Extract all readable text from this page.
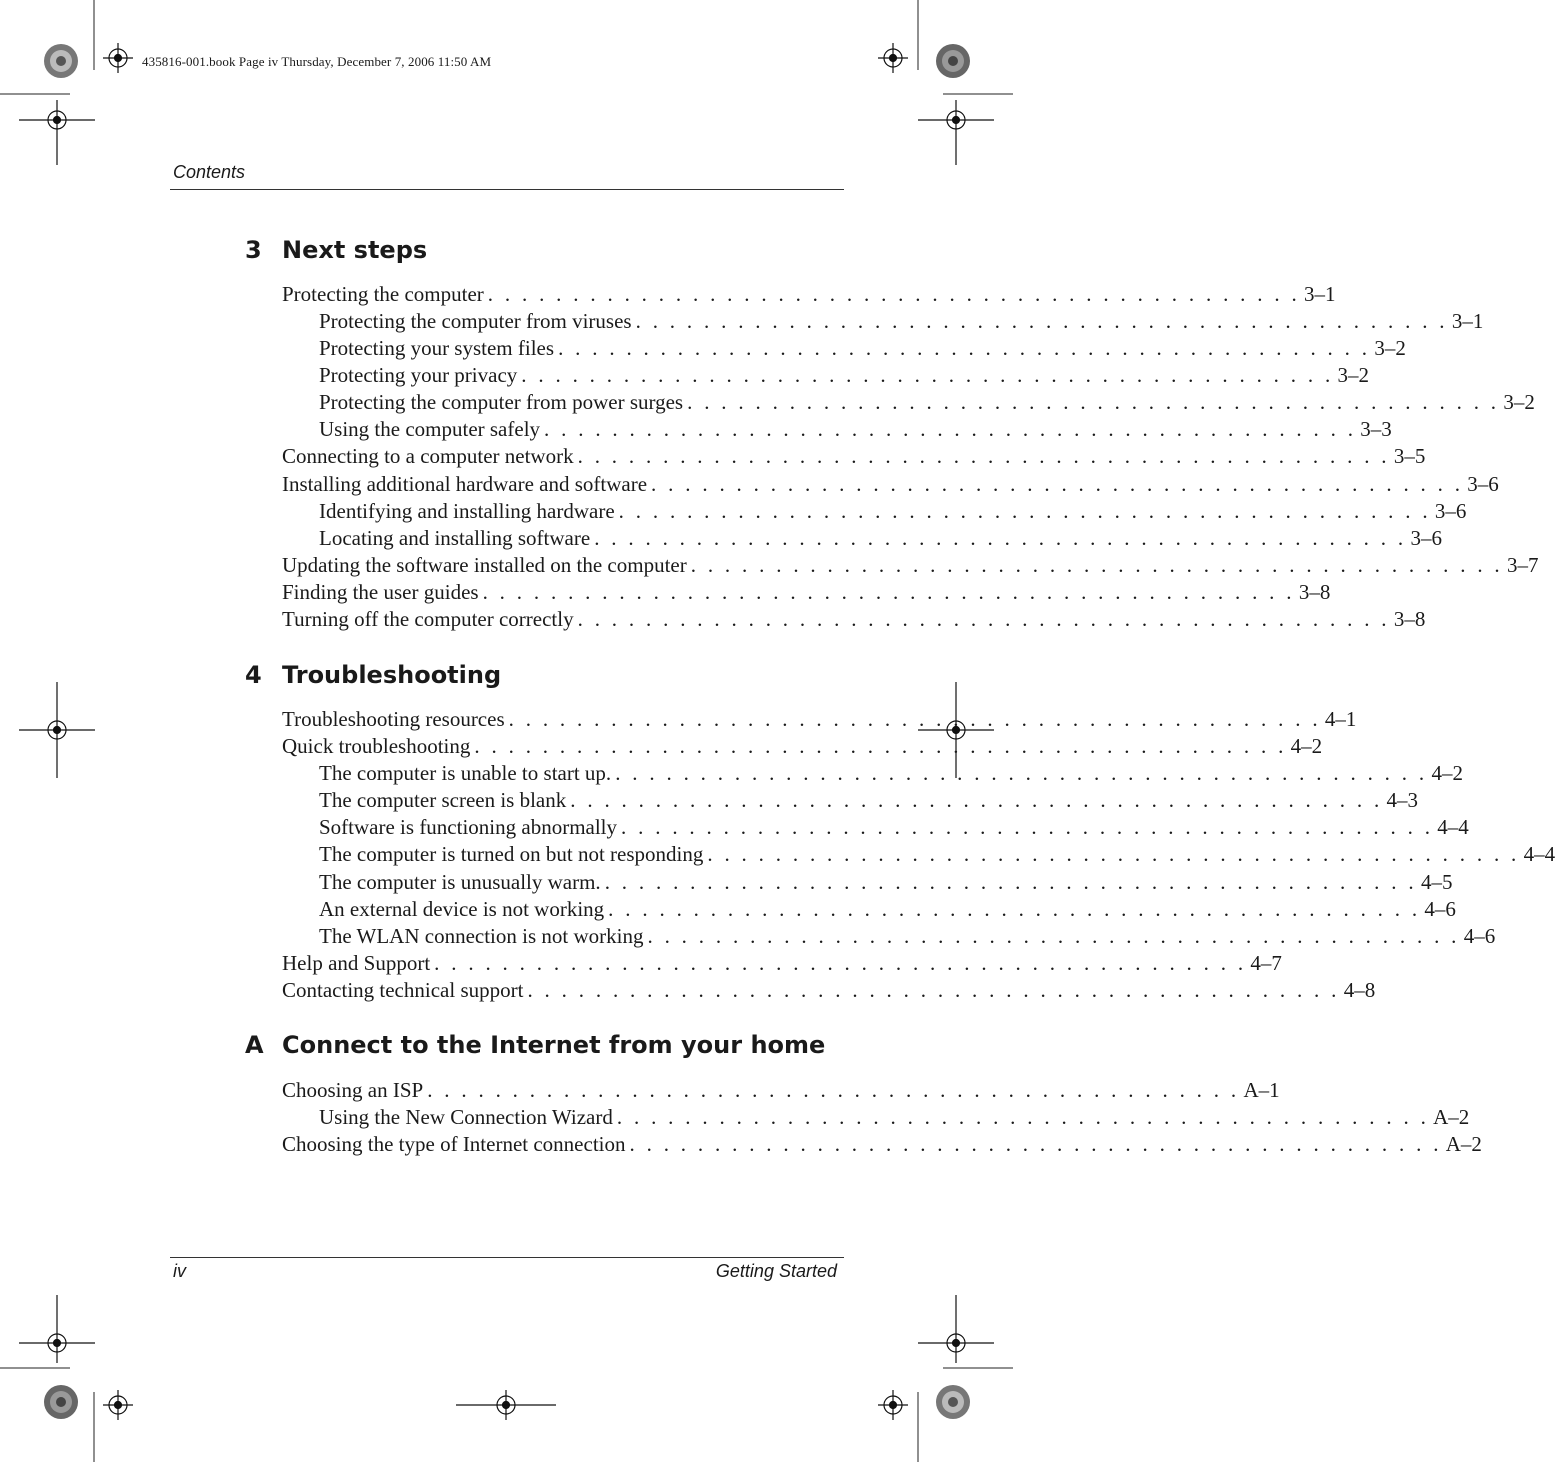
435816-001.book Page iv Thursday, December 7, 2006 11:50 AM
Contents
3 Next steps
Protecting the computer . . . . . . . . . . . . . . . . . . . . . . . . . . . . . . . . . . . . . . . . . . . . . . . . 3–1
Protecting the computer from viruses . . . . . . . . . . . . . . . . . . . . . . . . . . . . . . . . . . . . . . . . . . . . . . . . 3–1
Protecting your system files . . . . . . . . . . . . . . . . . . . . . . . . . . . . . . . . . . . . . . . . . . . . . . . . 3–2
Protecting your privacy . . . . . . . . . . . . . . . . . . . . . . . . . . . . . . . . . . . . . . . . . . . . . . . . 3–2
Protecting the computer from power surges . . . . . . . . . . . . . . . . . . . . . . . . . . . . . . . . . . . . . . . . . . . . . . . . 3–2
Using the computer safely . . . . . . . . . . . . . . . . . . . . . . . . . . . . . . . . . . . . . . . . . . . . . . . . 3–3
Connecting to a computer network . . . . . . . . . . . . . . . . . . . . . . . . . . . . . . . . . . . . . . . . . . . . . . . . 3–5
Installing additional hardware and software . . . . . . . . . . . . . . . . . . . . . . . . . . . . . . . . . . . . . . . . . . . . . . . . 3–6
Identifying and installing hardware . . . . . . . . . . . . . . . . . . . . . . . . . . . . . . . . . . . . . . . . . . . . . . . . 3–6
Locating and installing software . . . . . . . . . . . . . . . . . . . . . . . . . . . . . . . . . . . . . . . . . . . . . . . . 3–6
Updating the software installed on the computer . . . . . . . . . . . . . . . . . . . . . . . . . . . . . . . . . . . . . . . . . . . . . . . . 3–7
Finding the user guides . . . . . . . . . . . . . . . . . . . . . . . . . . . . . . . . . . . . . . . . . . . . . . . . 3–8
Turning off the computer correctly . . . . . . . . . . . . . . . . . . . . . . . . . . . . . . . . . . . . . . . . . . . . . . . . 3–8
4 Troubleshooting
Troubleshooting resources . . . . . . . . . . . . . . . . . . . . . . . . . . . . . . . . . . . . . . . . . . . . . . . . 4–1
Quick troubleshooting . . . . . . . . . . . . . . . . . . . . . . . . . . . . . . . . . . . . . . . . . . . . . . . . 4–2
The computer is unable to start up. . . . . . . . . . . . . . . . . . . . . . . . . . . . . . . . . . . . . . . . . . . . . . . . . 4–2
The computer screen is blank . . . . . . . . . . . . . . . . . . . . . . . . . . . . . . . . . . . . . . . . . . . . . . . . 4–3
Software is functioning abnormally . . . . . . . . . . . . . . . . . . . . . . . . . . . . . . . . . . . . . . . . . . . . . . . . 4–4
The computer is turned on but not responding . . . . . . . . . . . . . . . . . . . . . . . . . . . . . . . . . . . . . . . . . . . . . . . . 4–4
The computer is unusually warm. . . . . . . . . . . . . . . . . . . . . . . . . . . . . . . . . . . . . . . . . . . . . . . . . 4–5
An external device is not working . . . . . . . . . . . . . . . . . . . . . . . . . . . . . . . . . . . . . . . . . . . . . . . . 4–6
The WLAN connection is not working . . . . . . . . . . . . . . . . . . . . . . . . . . . . . . . . . . . . . . . . . . . . . . . . 4–6
Help and Support . . . . . . . . . . . . . . . . . . . . . . . . . . . . . . . . . . . . . . . . . . . . . . . . 4–7
Contacting technical support . . . . . . . . . . . . . . . . . . . . . . . . . . . . . . . . . . . . . . . . . . . . . . . . 4–8
A Connect to the Internet from your home
Choosing an ISP . . . . . . . . . . . . . . . . . . . . . . . . . . . . . . . . . . . . . . . . . . . . . . . . A–1
Using the New Connection Wizard . . . . . . . . . . . . . . . . . . . . . . . . . . . . . . . . . . . . . . . . . . . . . . . . A–2
Choosing the type of Internet connection . . . . . . . . . . . . . . . . . . . . . . . . . . . . . . . . . . . . . . . . . . . . . . . . A–2
iv	Getting Started
